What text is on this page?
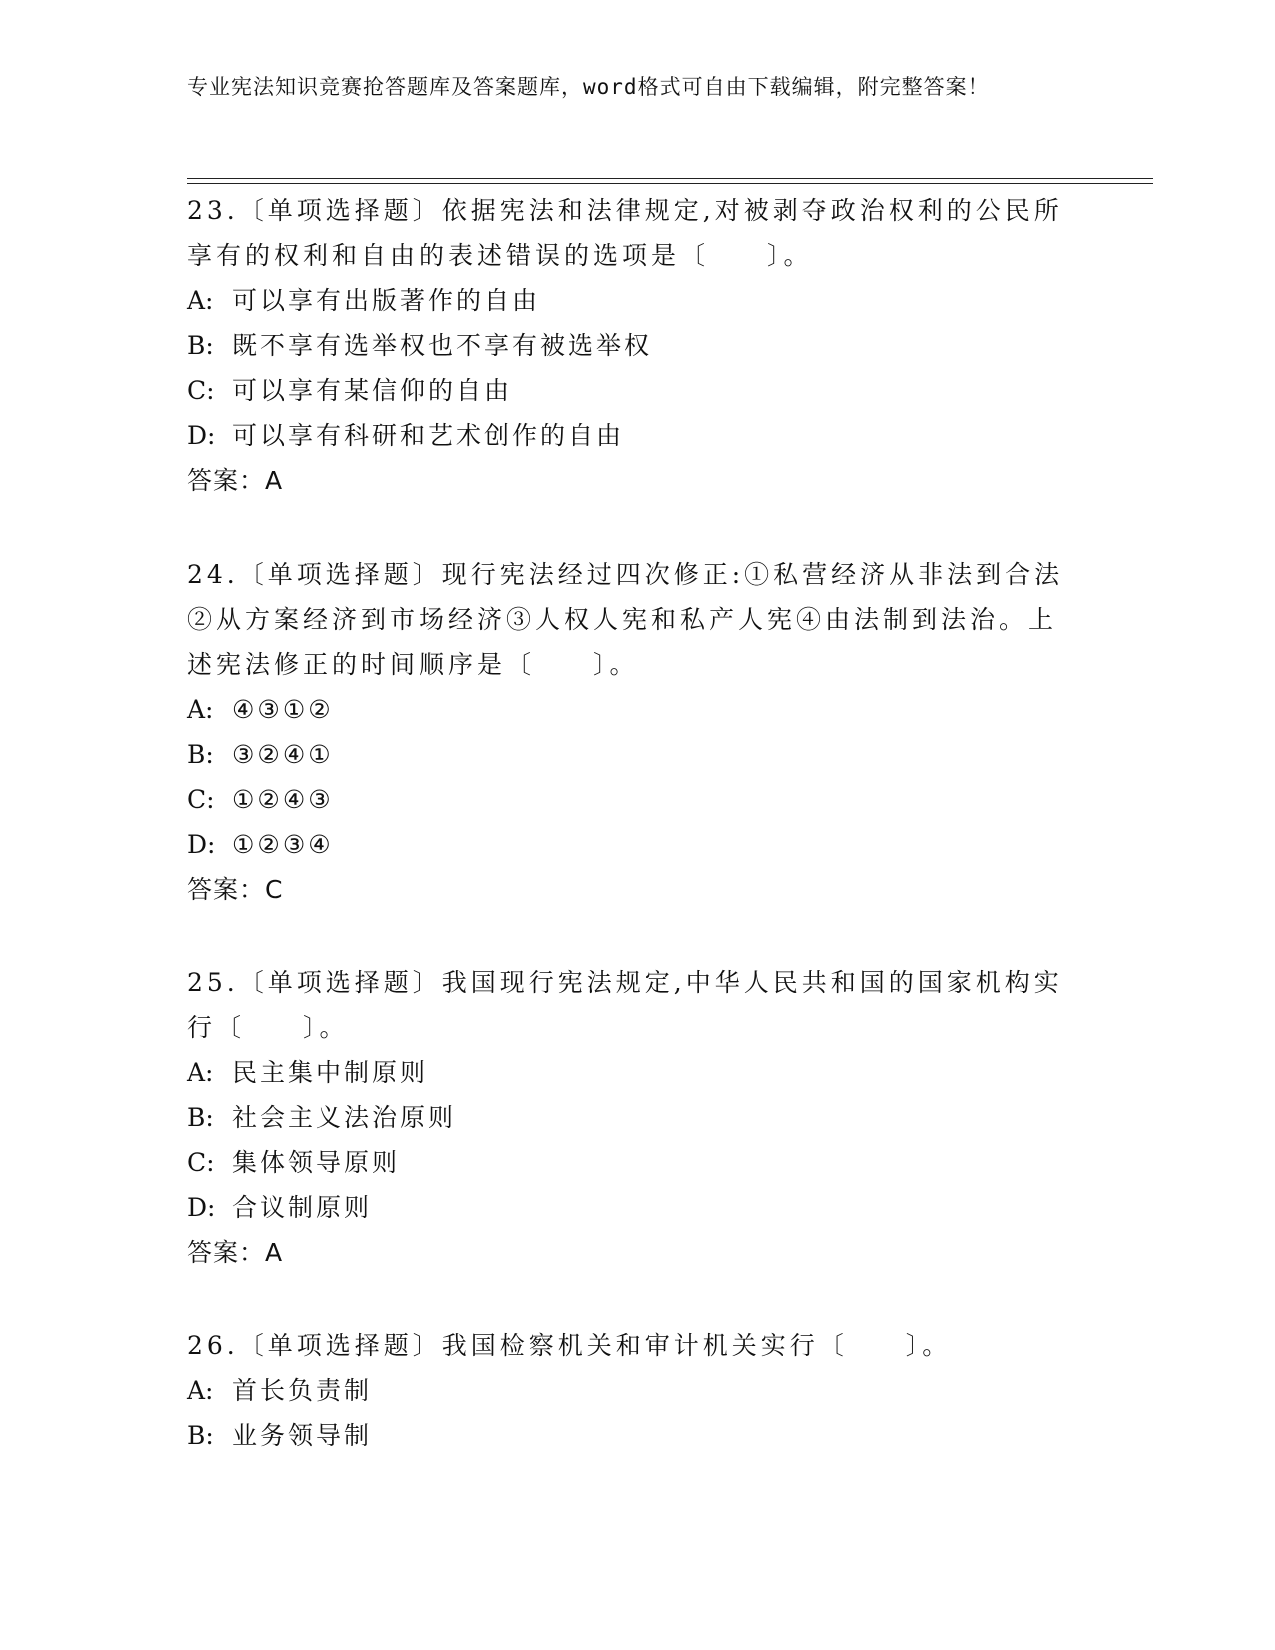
专业宪法知识竞赛抢答题库及答案题库，word格式可自由下载编辑，附完整答案！

23.〔单项选择题〕依据宪法和法律规定,对被剥夺政治权利的公民所享有的权利和自由的表述错误的选项是〔　　〕。

A: 可以享有出版著作的自由

B: 既不享有选举权也不享有被选举权

C: 可以享有某信仰的自由

D: 可以享有科研和艺术创作的自由

答案：A

24.〔单项选择题〕现行宪法经过四次修正:①私营经济从非法到合法②从方案经济到市场经济③人权人宪和私产人宪④由法制到法治。上述宪法修正的时间顺序是〔　　〕。

A: ④③①②

B: ③②④①

C: ①②④③

D: ①②③④

答案：C

25.〔单项选择题〕我国现行宪法规定,中华人民共和国的国家机构实行〔　　〕。

A: 民主集中制原则

B: 社会主义法治原则

C: 集体领导原则

D: 合议制原则

答案：A

26.〔单项选择题〕我国检察机关和审计机关实行〔　　〕。

A: 首长负责制

B: 业务领导制
